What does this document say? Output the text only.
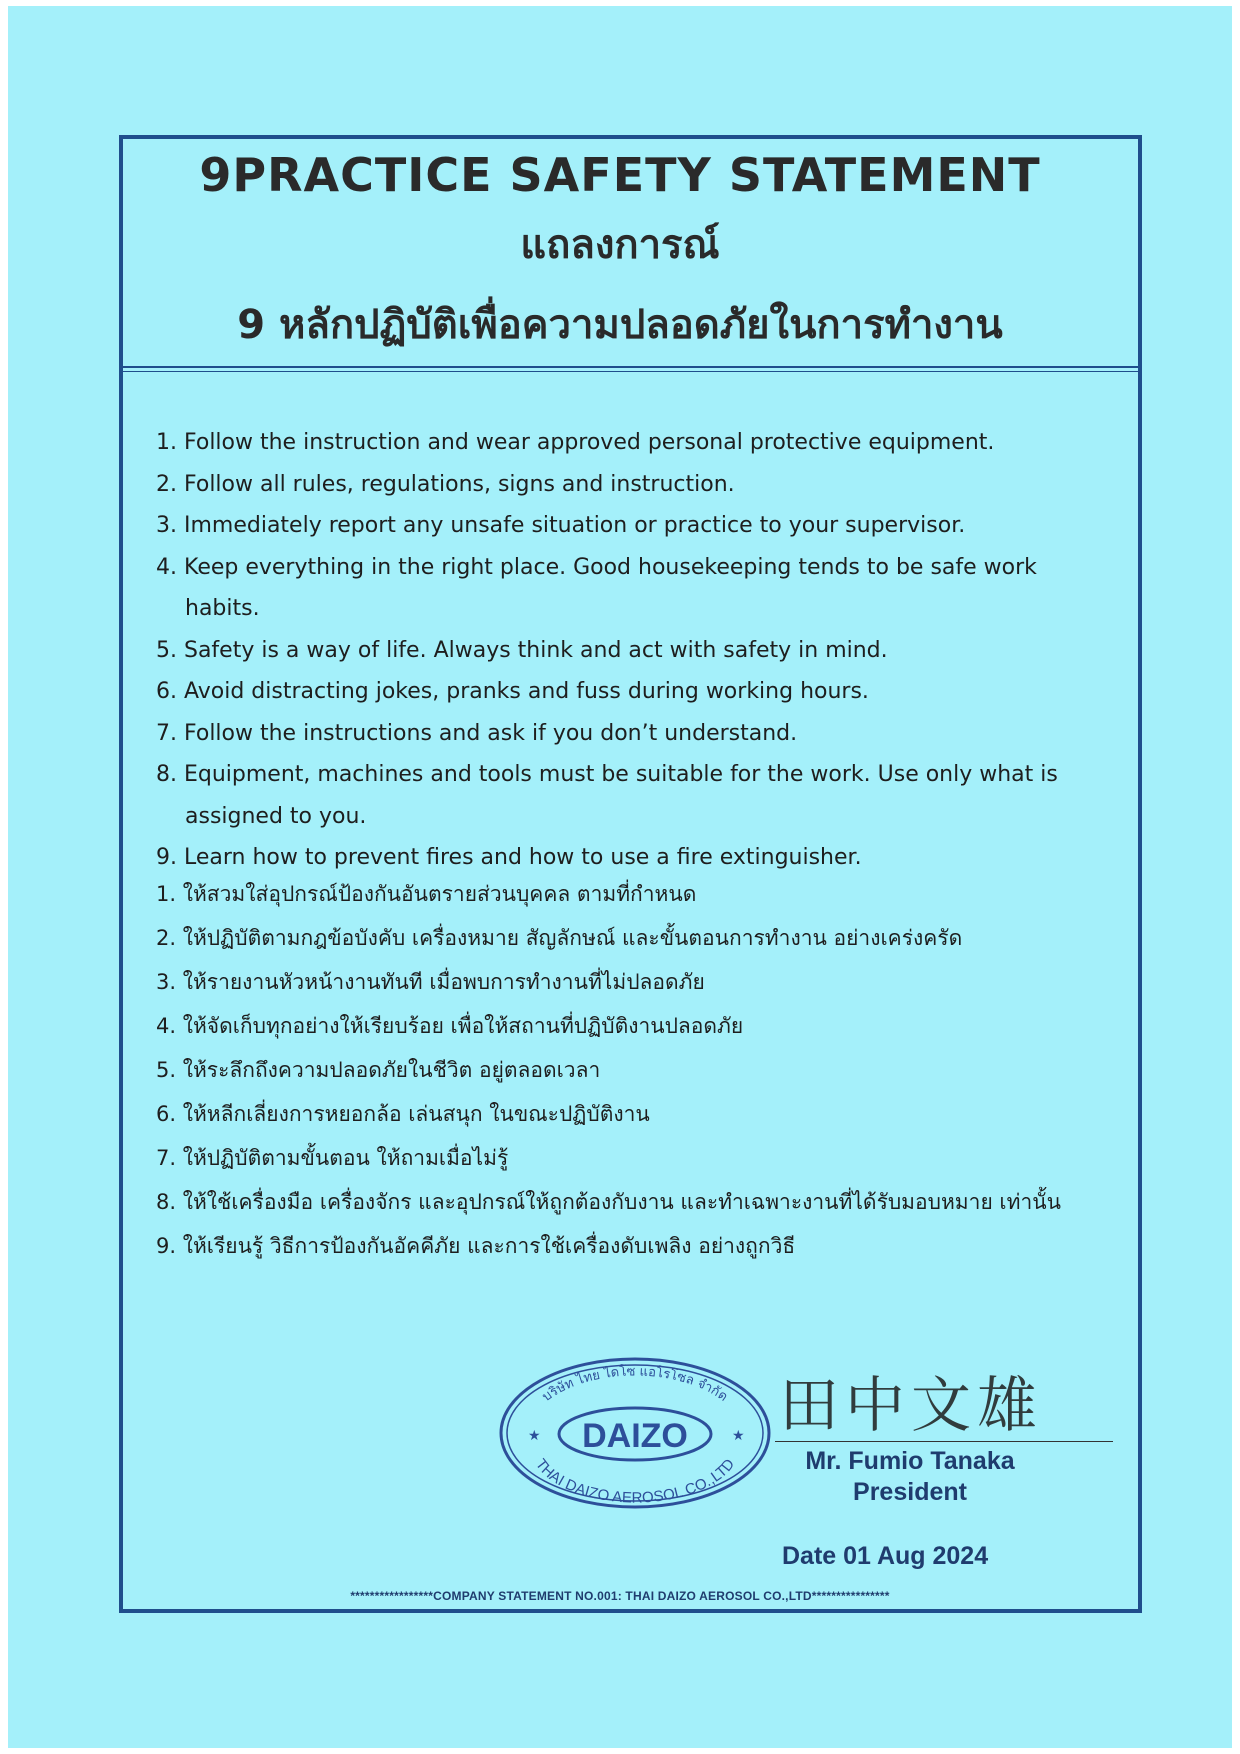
9PRACTICE SAFETY STATEMENT
แถลงการณ์
9 หลักปฏิบัติเพื่อความปลอดภัยในการทำงาน
1. Follow the instruction and wear approved personal protective equipment.
2. Follow all rules, regulations, signs and instruction.
3. Immediately report any unsafe situation or practice to your supervisor.
4. Keep everything in the right place. Good housekeeping tends to be safe work habits.
5. Safety is a way of life. Always think and act with safety in mind.
6. Avoid distracting jokes, pranks and fuss during working hours.
7. Follow the instructions and ask if you don’t understand.
8. Equipment, machines and tools must be suitable for the work. Use only what is assigned to you.
9. Learn how to prevent fires and how to use a fire extinguisher.
1. ให้สวมใส่อุปกรณ์ป้องกันอันตรายส่วนบุคคล ตามที่กำหนด
2. ให้ปฏิบัติตามกฎข้อบังคับ เครื่องหมาย สัญลักษณ์ และขั้นตอนการทำงาน อย่างเคร่งครัด
3. ให้รายงานหัวหน้างานทันที เมื่อพบการทำงานที่ไม่ปลอดภัย
4. ให้จัดเก็บทุกอย่างให้เรียบร้อย เพื่อให้สถานที่ปฏิบัติงานปลอดภัย
5. ให้ระลึกถึงความปลอดภัยในชีวิต อยู่ตลอดเวลา
6. ให้หลีกเลี่ยงการหยอกล้อ เล่นสนุก ในขณะปฏิบัติงาน
7. ให้ปฏิบัติตามขั้นตอน ให้ถามเมื่อไม่รู้
8. ให้ใช้เครื่องมือ เครื่องจักร และอุปกรณ์ให้ถูกต้องกับงาน และทำเฉพาะงานที่ได้รับมอบหมาย เท่านั้น
9. ให้เรียนรู้ วิธีการป้องกันอัคคีภัย และการใช้เครื่องดับเพลิง อย่างถูกวิธี
DAIZO
บริษัท ไทย ไดโซ แอโรโซล จำกัด
THAI DAIZO AEROSOL CO.,LTD
★	★ 田中文雄
Mr. Fumio Tanaka
President
Date 01 Aug 2024
*****************COMPANY STATEMENT NO.001: THAI DAIZO AEROSOL CO.,LTD****************
